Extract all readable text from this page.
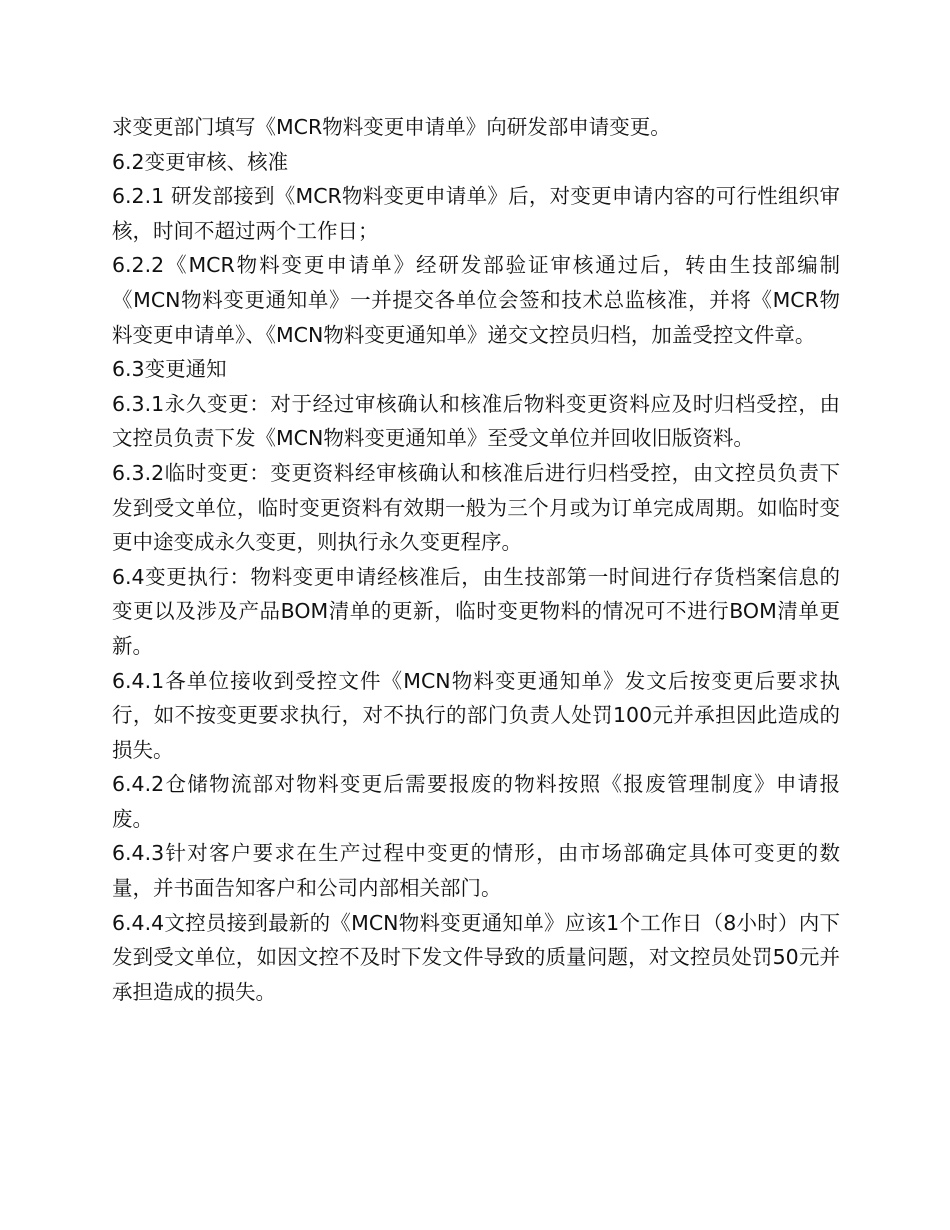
求变更部门填写《MCR物料变更申请单》向研发部申请变更。

6.2变更审核、核准

6.2.1 研发部接到《MCR物料变更申请单》后，对变更申请内容的可行性组织审核，时间不超过两个工作日；

6.2.2《MCR物料变更申请单》经研发部验证审核通过后，转由生技部编制《MCN物料变更通知单》一并提交各单位会签和技术总监核准，并将《MCR物料变更申请单》、《MCN物料变更通知单》递交文控员归档，加盖受控文件章。

6.3变更通知

6.3.1永久变更：对于经过审核确认和核准后物料变更资料应及时归档受控，由文控员负责下发《MCN物料变更通知单》至受文单位并回收旧版资料。

6.3.2临时变更：变更资料经审核确认和核准后进行归档受控，由文控员负责下发到受文单位，临时变更资料有效期一般为三个月或为订单完成周期。如临时变更中途变成永久变更，则执行永久变更程序。

6.4变更执行：物料变更申请经核准后，由生技部第一时间进行存货档案信息的变更以及涉及产品BOM清单的更新，临时变更物料的情况可不进行BOM清单更新。

6.4.1各单位接收到受控文件《MCN物料变更通知单》发文后按变更后要求执行，如不按变更要求执行，对不执行的部门负责人处罚100元并承担因此造成的损失。

6.4.2仓储物流部对物料变更后需要报废的物料按照《报废管理制度》申请报废。

6.4.3针对客户要求在生产过程中变更的情形，由市场部确定具体可变更的数量，并书面告知客户和公司内部相关部门。

6.4.4文控员接到最新的《MCN物料变更通知单》应该1个工作日（8小时）内下发到受文单位，如因文控不及时下发文件导致的质量问题，对文控员处罚50元并承担造成的损失。
